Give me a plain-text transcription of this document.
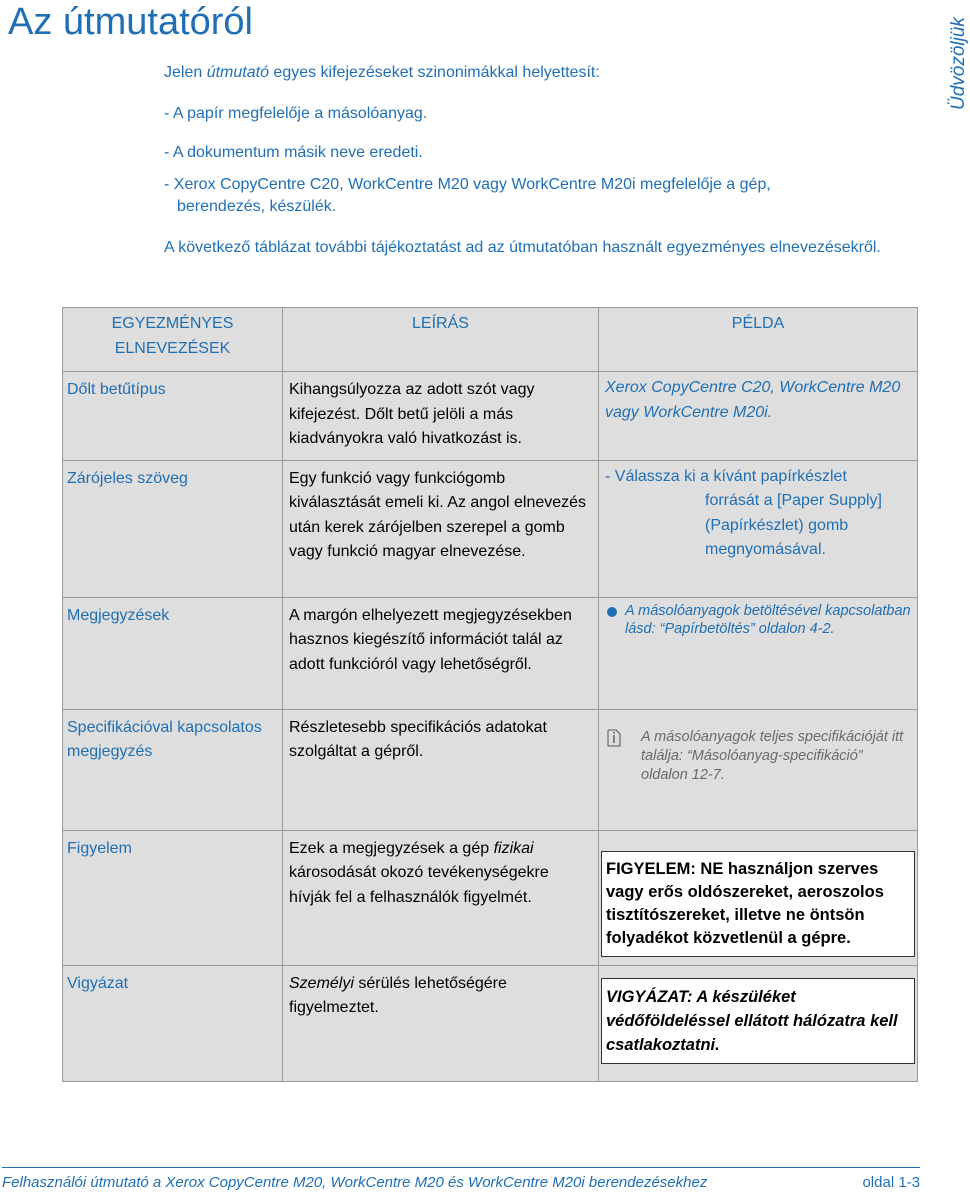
Az útmutatóról	Üdvözöljük

Jelen útmutató egyes kifejezéseket szinonimákkal helyettesít:

- A papír megfelelője a másolóanyag.

- A dokumentum másik neve eredeti.

- Xerox CopyCentre C20, WorkCentre M20 vagy WorkCentre M20i megfelelője a gép,
berendezés, készülék.

A következő táblázat további tájékoztatást ad az útmutatóban használt egyezményes elnevezésekről.

EGYEZMÉNYES ELNEVEZÉSEK	LEÍRÁS	PÉLDA
Dőlt betűtípus	Kihangsúlyozza az adott szót vagy kifejezést. Dőlt betű jelöli a más kiadványokra való hivatkozást is.	Xerox CopyCentre C20, WorkCentre M20 vagy WorkCentre M20i.
Zárójeles szöveg	Egy funkció vagy funkciógomb kiválasztását emeli ki. Az angol elnevezés után kerek zárójelben szerepel a gomb vagy funkció magyar elnevezése.	- Válassza ki a kívánt papírkészlet
forrását a [Paper Supply] (Papírkészlet) gomb megnyomásával.

Megjegyzések	A margón elhelyezett megjegyzésekben hasznos kiegészítő információt talál az adott funkcióról vagy lehetőségről.	A másolóanyagok betöltésével kapcsolatban lásd: “Papírbetöltés” oldalon 4-2.

Specifikációval kapcsolatos megjegyzés	Részletesebb specifikációs adatokat szolgáltat a gépről.	A másolóanyagok teljes specifikációját itt találja: “Másolóanyag-specifikáció” oldalon 12-7.

Figyelem	Ezek a megjegyzések a gép fizikai károsodását okozó tevékenységekre hívják fel a felhasználók figyelmét.	FIGYELEM: NE használjon szerves vagy erős oldószereket, aeroszolos tisztítószereket, illetve ne öntsön folyadékot közvetlenül a gépre.

Vigyázat	Személyi sérülés lehetőségére figyelmeztet.	VIGYÁZAT: A készüléket védőföldeléssel ellátott hálózatra kell csatlakoztatni.
Felhasználói útmutató a Xerox CopyCentre M20, WorkCentre M20 és WorkCentre M20i berendezésekhez	oldal 1-3
